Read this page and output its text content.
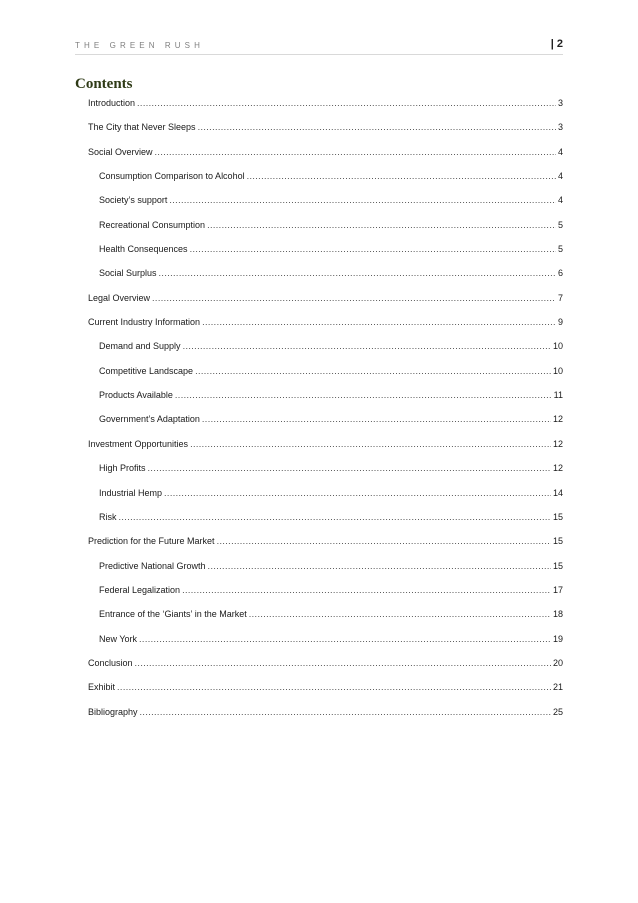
THE GREEN RUSH	| 2
Contents
Introduction .....	3
The City that Never Sleeps .....	3
Social Overview .....	4
Consumption Comparison to Alcohol .....	4
Society’s support .....	4
Recreational Consumption .....	5
Health Consequences .....	5
Social Surplus .....	6
Legal Overview .....	7
Current Industry Information .....	9
Demand and Supply .....	10
Competitive Landscape .....	10
Products Available .....	11
Government’s Adaptation .....	12
Investment Opportunities .....	12
High Profits .....	12
Industrial Hemp .....	14
Risk .....	15
Prediction for the Future Market .....	15
Predictive National Growth .....	15
Federal Legalization .....	17
Entrance of the ‘Giants’ in the Market .....	18
New York .....	19
Conclusion .....	20
Exhibit .....	21
Bibliography .....	25
